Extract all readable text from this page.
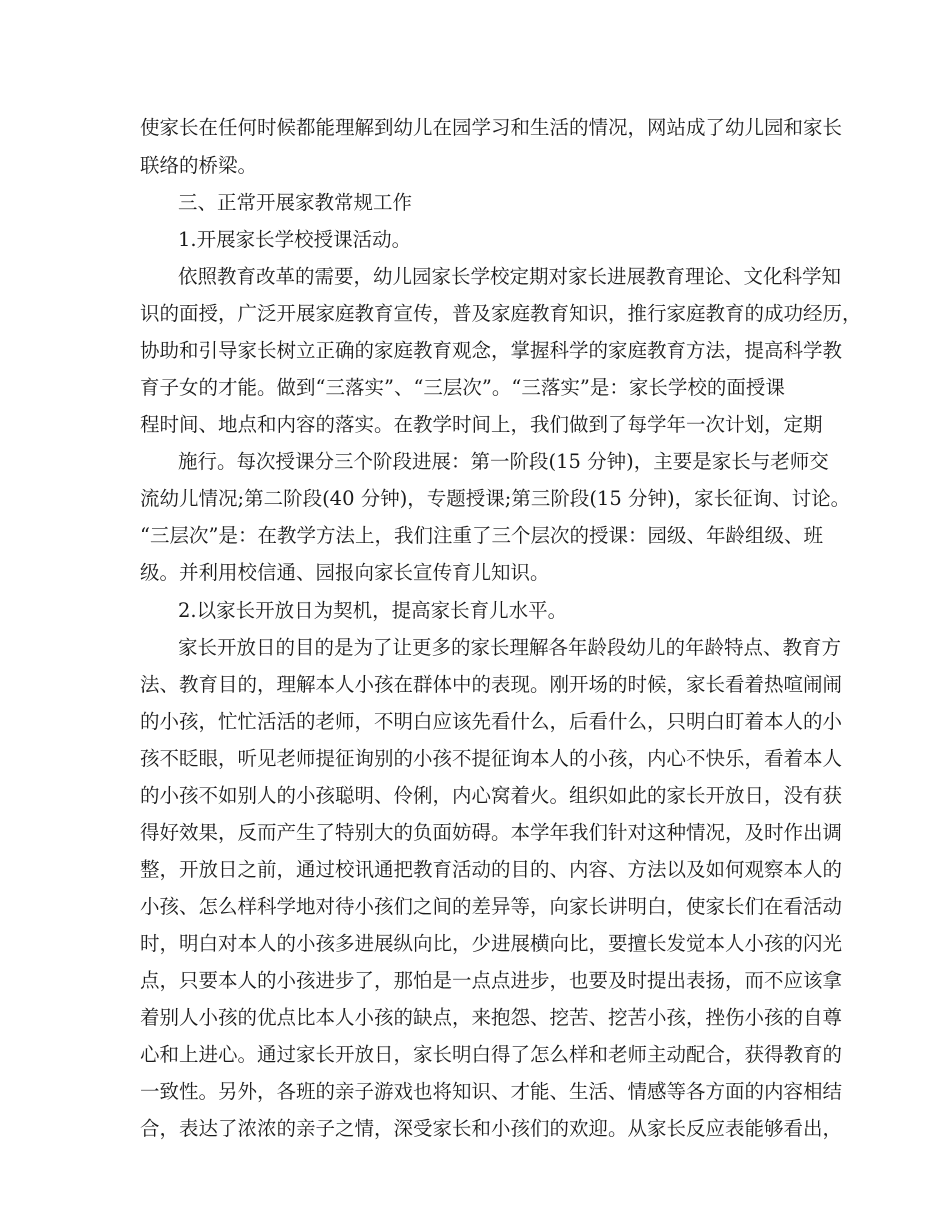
使家长在任何时候都能理解到幼儿在园学习和生活的情况，网站成了幼儿园和家长
联络的桥梁。
三、正常开展家教常规工作
1.开展家长学校授课活动。
依照教育改革的需要，幼儿园家长学校定期对家长进展教育理论、文化科学知
识的面授，广泛开展家庭教育宣传，普及家庭教育知识，推行家庭教育的成功经历，
协助和引导家长树立正确的家庭教育观念，掌握科学的家庭教育方法，提高科学教
育子女的才能。做到“三落实”、“三层次”。“三落实”是：家长学校的面授课
程时间、地点和内容的落实。在教学时间上，我们做到了每学年一次计划，定期
施行。每次授课分三个阶段进展：第一阶段(15 分钟)，主要是家长与老师交
流幼儿情况;第二阶段(40 分钟)，专题授课;第三阶段(15 分钟)，家长征询、讨论。
“三层次”是：在教学方法上，我们注重了三个层次的授课：园级、年龄组级、班
级。并利用校信通、园报向家长宣传育儿知识。
2.以家长开放日为契机，提高家长育儿水平。
家长开放日的目的是为了让更多的家长理解各年龄段幼儿的年龄特点、教育方
法、教育目的，理解本人小孩在群体中的表现。刚开场的时候，家长看着热喧闹闹
的小孩，忙忙活活的老师，不明白应该先看什么，后看什么，只明白盯着本人的小
孩不眨眼，听见老师提征询别的小孩不提征询本人的小孩，内心不快乐，看着本人
的小孩不如别人的小孩聪明、伶俐，内心窝着火。组织如此的家长开放日，没有获
得好效果，反而产生了特别大的负面妨碍。本学年我们针对这种情况，及时作出调
整，开放日之前，通过校讯通把教育活动的目的、内容、方法以及如何观察本人的
小孩、怎么样科学地对待小孩们之间的差异等，向家长讲明白，使家长们在看活动
时，明白对本人的小孩多进展纵向比，少进展横向比，要擅长发觉本人小孩的闪光
点，只要本人的小孩进步了，那怕是一点点进步，也要及时提出表扬，而不应该拿
着别人小孩的优点比本人小孩的缺点，来抱怨、挖苦、挖苦小孩，挫伤小孩的自尊
心和上进心。通过家长开放日，家长明白得了怎么样和老师主动配合，获得教育的
一致性。另外，各班的亲子游戏也将知识、才能、生活、情感等各方面的内容相结
合，表达了浓浓的亲子之情，深受家长和小孩们的欢迎。从家长反应表能够看出，
